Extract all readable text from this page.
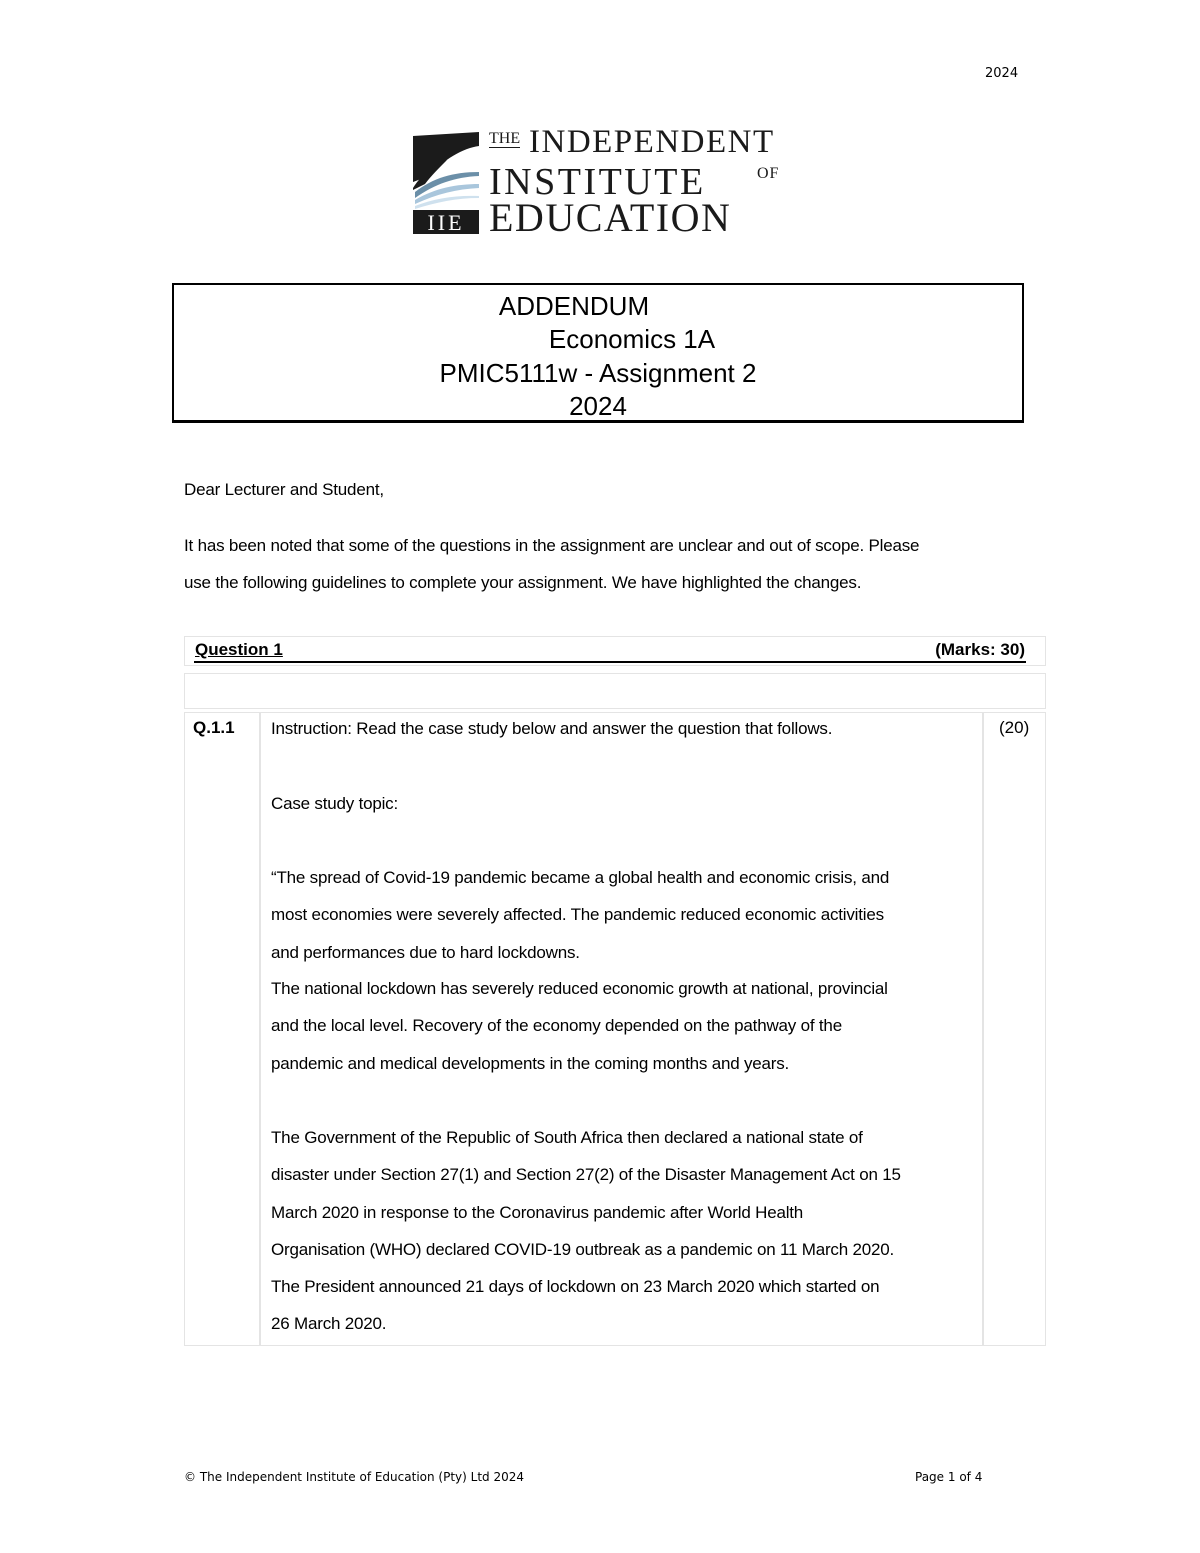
2024
IIE
THE INDEPENDENT
INSTITUTE	OF
EDUCATION
ADDENDUM
Economics 1A
PMIC5111w - Assignment 2
2024
Dear Lecturer and Student,
It has been noted that some of the questions in the assignment are unclear and out of scope. Please
use the following guidelines to complete your assignment. We have highlighted the changes.
Question 1	(Marks: 30)
Q.1.1 Instruction: Read the case study below and answer the question that follows.
Case study topic:
“The spread of Covid-19 pandemic became a global health and economic crisis, and
most economies were severely affected. The pandemic reduced economic activities
and performances due to hard lockdowns.
The national lockdown has severely reduced economic growth at national, provincial
and the local level. Recovery of the economy depended on the pathway of the
pandemic and medical developments in the coming months and years.
The Government of the Republic of South Africa then declared a national state of
disaster under Section 27(1) and Section 27(2) of the Disaster Management Act on 15
March 2020 in response to the Coronavirus pandemic after World Health
Organisation (WHO) declared COVID-19 outbreak as a pandemic on 11 March 2020.
The President announced 21 days of lockdown on 23 March 2020 which started on
26 March 2020.
(20)
© The Independent Institute of Education (Pty) Ltd 2024	Page 1 of 4
